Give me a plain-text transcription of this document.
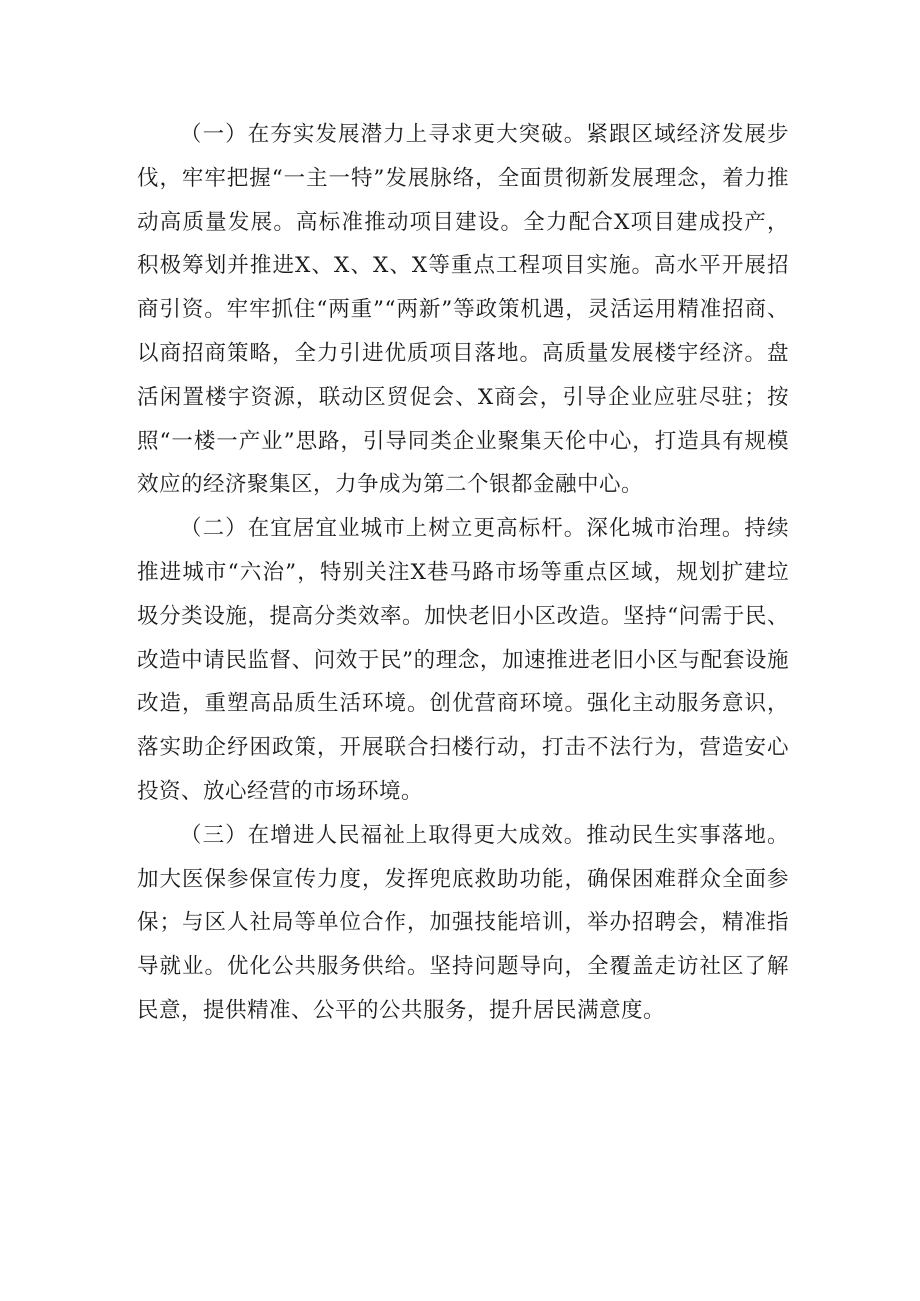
（一）在夯实发展潜力上寻求更大突破。紧跟区域经济发展步伐，牢牢把握“一主一特”发展脉络，全面贯彻新发展理念，着力推动高质量发展。高标准推动项目建设。全力配合X项目建成投产，积极筹划并推进X、X、X、X等重点工程项目实施。高水平开展招商引资。牢牢抓住“两重”“两新”等政策机遇，灵活运用精准招商、以商招商策略，全力引进优质项目落地。高质量发展楼宇经济。盘活闲置楼宇资源，联动区贸促会、X商会，引导企业应驻尽驻；按照“一楼一产业”思路，引导同类企业聚集天伦中心，打造具有规模效应的经济聚集区，力争成为第二个银都金融中心。

（二）在宜居宜业城市上树立更高标杆。深化城市治理。持续推进城市“六治”，特别关注X巷马路市场等重点区域，规划扩建垃圾分类设施，提高分类效率。加快老旧小区改造。坚持“问需于民、改造中请民监督、问效于民”的理念，加速推进老旧小区与配套设施改造，重塑高品质生活环境。创优营商环境。强化主动服务意识，落实助企纾困政策，开展联合扫楼行动，打击不法行为，营造安心投资、放心经营的市场环境。

（三）在增进人民福祉上取得更大成效。推动民生实事落地。加大医保参保宣传力度，发挥兜底救助功能，确保困难群众全面参保；与区人社局等单位合作，加强技能培训，举办招聘会，精准指导就业。优化公共服务供给。坚持问题导向，全覆盖走访社区了解民意，提供精准、公平的公共服务，提升居民满意度。
